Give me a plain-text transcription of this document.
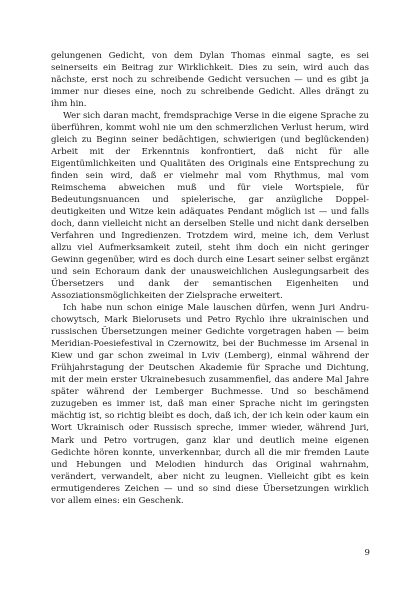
gelungenen Gedicht, von dem Dylan Thomas einmal sagte, es sei seinerseits ein Beitrag zur Wirklichkeit. Dies zu sein, wird auch das nächste, erst noch zu schreibende Gedicht versuchen — und es gibt ja immer nur dieses eine, noch zu schreibende Gedicht. Alles drängt zu ihm hin.

Wer sich daran macht, fremdsprachige Verse in die eigene Sprache zu überführen, kommt wohl nie um den schmerzlichen Verlust herum, wird gleich zu Beginn seiner bedächtigen, schwierigen (und beglückenden) Arbeit mit der Erkenntnis konfrontiert, daß nicht für alle Eigentümlichkeiten und Qualitäten des Originals eine Entsprechung zu finden sein wird, daß er vielmehr mal vom Rhythmus, mal vom Reimschema abweichen muß und für viele Wortspiele, für Bedeutungsnuancen und spielerische, gar anzügliche Doppeldeutigkeiten und Witze kein adäquates Pendant möglich ist — und falls doch, dann vielleicht nicht an derselben Stelle und nicht dank derselben Verfahren und Ingredienzen. Trotzdem wird, meine ich, dem Verlust allzu viel Aufmerksamkeit zuteil, steht ihm doch ein nicht geringer Gewinn gegenüber, wird es doch durch eine Lesart seiner selbst ergänzt und sein Echoraum dank der unausweichlichen Auslegungsarbeit des Übersetzers und dank der semantischen Eigenheiten und Assoziationsmöglichkeiten der Zielsprache erweitert.

Ich habe nun schon einige Male lauschen dürfen, wenn Juri Andruchowytsch, Mark Bielorusets und Petro Rychlo ihre ukrainischen und russischen Übersetzungen meiner Gedichte vorgetragen haben — beim Meridian-Poesiefestival in Czernowitz, bei der Buchmesse im Arsenal in Kiew und gar schon zweimal in Lviv (Lemberg), einmal während der Frühjahrstagung der Deutschen Akademie für Sprache und Dichtung, mit der mein erster Ukrainebesuch zusammenfiel, das andere Mal Jahre später während der Lemberger Buchmesse. Und so beschämend zuzugeben es immer ist, daß man einer Sprache nicht im geringsten mächtig ist, so richtig bleibt es doch, daß ich, der ich kein oder kaum ein Wort Ukrainisch oder Russisch spreche, immer wieder, während Juri, Mark und Petro vortrugen, ganz klar und deutlich meine eigenen Gedichte hören konnte, unverkennbar, durch all die mir fremden Laute und Hebungen und Melodien hindurch das Original wahrnahm, verändert, verwandelt, aber nicht zu leugnen. Vielleicht gibt es kein ermutigenderes Zeichen — und so sind diese Übersetzungen wirklich vor allem eines: ein Geschenk.

9
